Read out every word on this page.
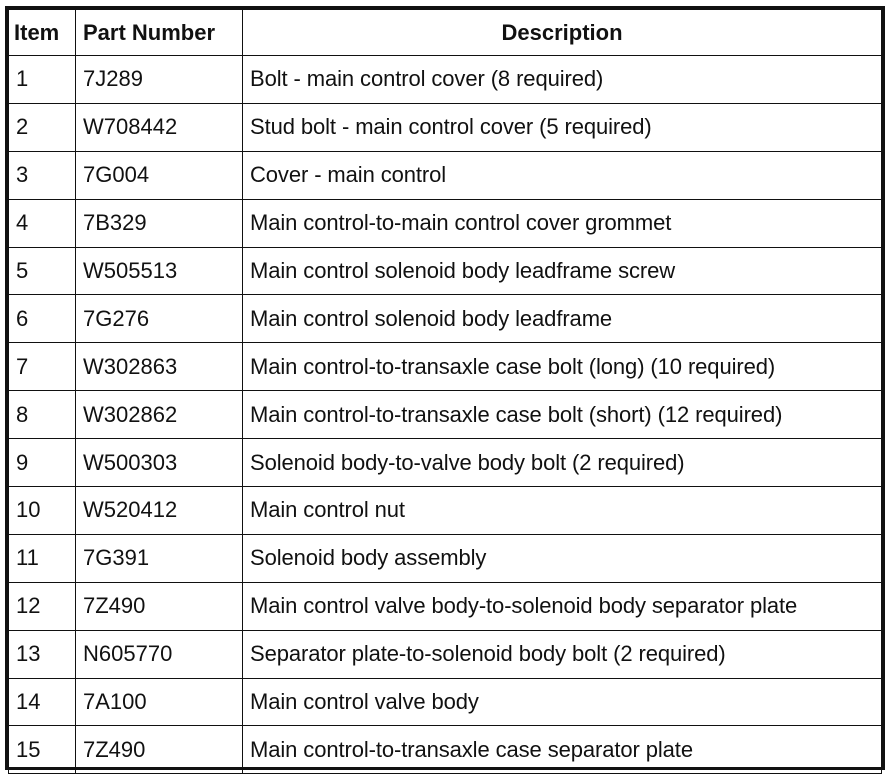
Item	Part Number	Description
1	7J289	Bolt - main control cover (8 required)
2	W708442	Stud bolt - main control cover (5 required)
3	7G004	Cover - main control
4	7B329	Main control-to-main control cover grommet
5	W505513	Main control solenoid body leadframe screw
6	7G276	Main control solenoid body leadframe
7	W302863	Main control-to-transaxle case bolt (long) (10 required)
8	W302862	Main control-to-transaxle case bolt (short) (12 required)
9	W500303	Solenoid body-to-valve body bolt (2 required)
10	W520412	Main control nut
11	7G391	Solenoid body assembly
12	7Z490	Main control valve body-to-solenoid body separator plate
13	N605770	Separator plate-to-solenoid body bolt (2 required)
14	7A100	Main control valve body
15	7Z490	Main control-to-transaxle case separator plate
